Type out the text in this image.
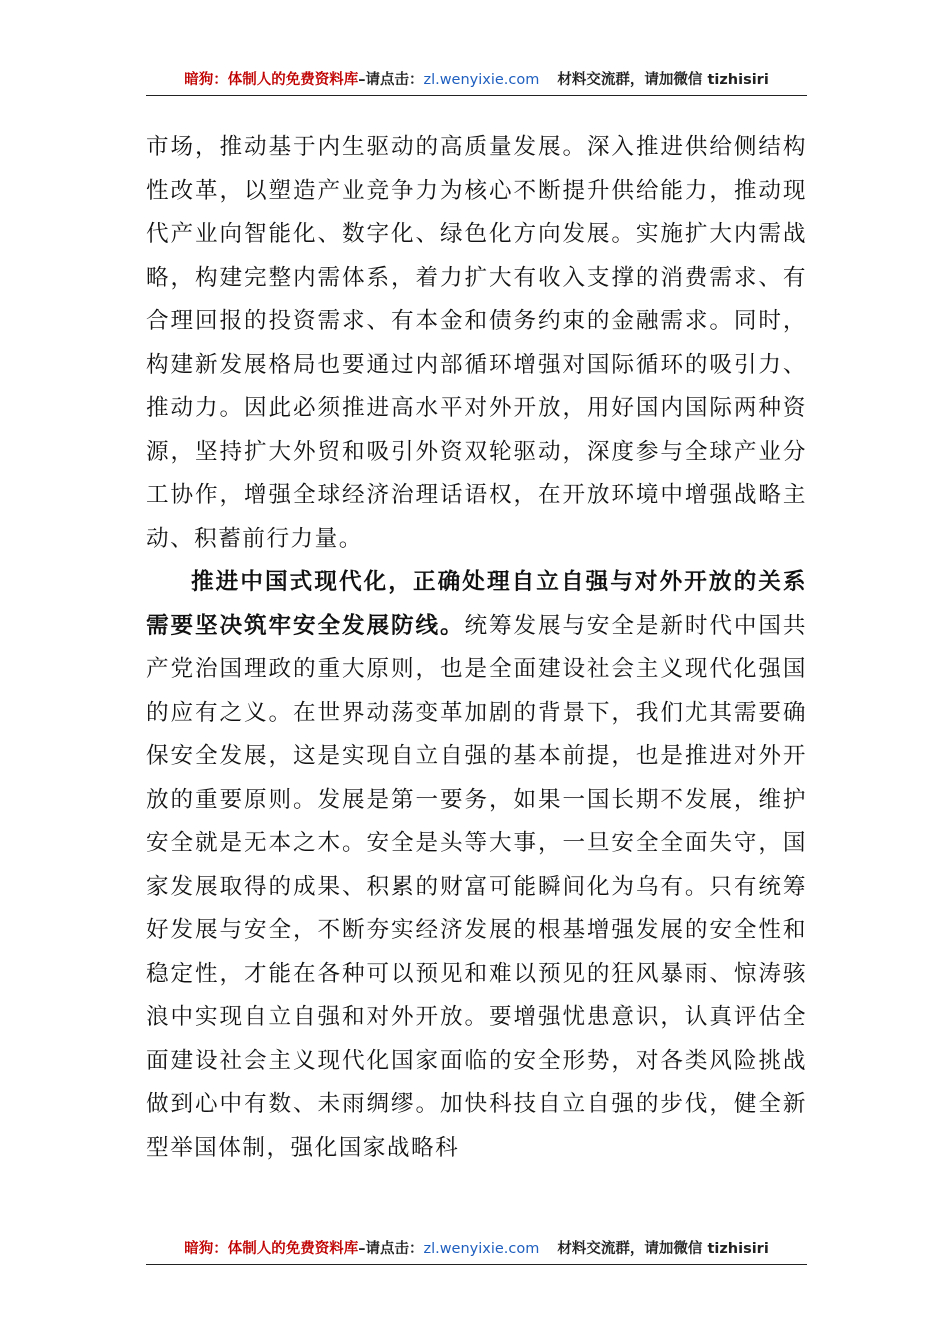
暗狗：体制人的免费资料库–请点击：zl.wenyixie.com 材料交流群，请加微信 tizhisiri

市场，推动基于内生驱动的高质量发展。深入推进供给侧结构性改革，以塑造产业竞争力为核心不断提升供给能力，推动现代产业向智能化、数字化、绿色化方向发展。实施扩大内需战略，构建完整内需体系，着力扩大有收入支撑的消费需求、有合理回报的投资需求、有本金和债务约束的金融需求。同时，构建新发展格局也要通过内部循环增强对国际循环的吸引力、推动力。因此必须推进高水平对外开放，用好国内国际两种资源，坚持扩大外贸和吸引外资双轮驱动，深度参与全球产业分工协作，增强全球经济治理话语权，在开放环境中增强战略主动、积蓄前行力量。

推进中国式现代化，正确处理自立自强与对外开放的关系需要坚决筑牢安全发展防线。统筹发展与安全是新时代中国共产党治国理政的重大原则，也是全面建设社会主义现代化强国的应有之义。在世界动荡变革加剧的背景下，我们尤其需要确保安全发展，这是实现自立自强的基本前提，也是推进对外开放的重要原则。发展是第一要务，如果一国长期不发展，维护安全就是无本之木。安全是头等大事，一旦安全全面失守，国家发展取得的成果、积累的财富可能瞬间化为乌有。只有统筹好发展与安全，不断夯实经济发展的根基增强发展的安全性和稳定性，才能在各种可以预见和难以预见的狂风暴雨、惊涛骇浪中实现自立自强和对外开放。要增强忧患意识，认真评估全面建设社会主义现代化国家面临的安全形势，对各类风险挑战做到心中有数、未雨绸缪。加快科技自立自强的步伐，健全新型举国体制，强化国家战略科

暗狗：体制人的免费资料库–请点击：zl.wenyixie.com 材料交流群，请加微信 tizhisiri
